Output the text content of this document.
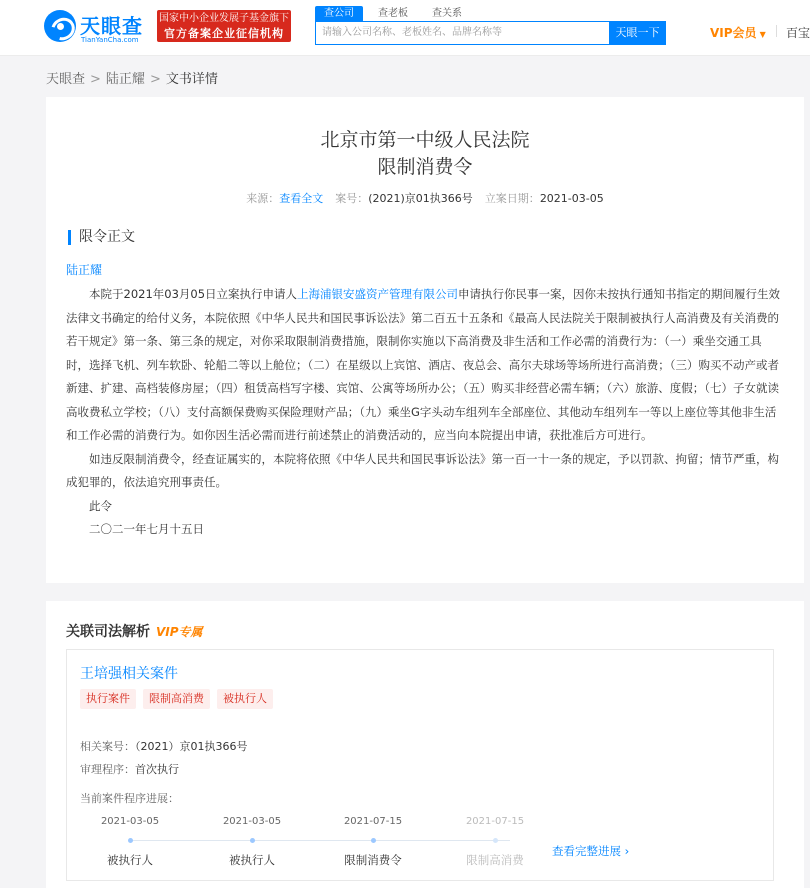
天眼查
TianYanCha.com
国家中小企业发展子基金旗下
官方备案企业征信机构
查公司	查老板	查关系
请输入公司名称、老板姓名、品牌名称等	天眼一下	VIP会员 ▼ 百宝
天眼查 > 陆正耀 > 文书详情
北京市第一中级人民法院
限制消费令
来源：查看全文 案号：(2021)京01执366号 立案日期：2021-03-05
限令正文
陆正耀

本院于2021年03月05日立案执行申请人上海浦银安盛资产管理有限公司申请执行你民事一案，因你未按执行通知书指定的期间履行生效法律文书确定的给付义务，本院依照《中华人民共和国民事诉讼法》第二百五十五条和《最高人民法院关于限制被执行人高消费及有关消费的若干规定》第一条、第三条的规定，对你采取限制消费措施，限制你实施以下高消费及非生活和工作必需的消费行为：（一）乘坐交通工具时，选择飞机、列车软卧、轮船二等以上舱位；（二）在星级以上宾馆、酒店、夜总会、高尔夫球场等场所进行高消费；（三）购买不动产或者新建、扩建、高档装修房屋；（四）租赁高档写字楼、宾馆、公寓等场所办公；（五）购买非经营必需车辆；（六）旅游、度假；（七）子女就读高收费私立学校；（八）支付高额保费购买保险理财产品；（九）乘坐G字头动车组列车全部座位、其他动车组列车一等以上座位等其他非生活和工作必需的消费行为。如你因生活必需而进行前述禁止的消费活动的，应当向本院提出申请，获批准后方可进行。

如违反限制消费令，经查证属实的，本院将依照《中华人民共和国民事诉讼法》第一百一十一条的规定，予以罚款、拘留；情节严重，构成犯罪的，依法追究刑事责任。

此令

二〇二一年七月十五日

关联司法解析 VIP专属
王培强相关案件
执行案件	限制高消费	被执行人
相关案号：（2021）京01执366号
审理程序：首次执行
当前案件程序进展：
2021-03-05
被执行人
2021-03-05
被执行人
2021-07-15
限制消费令
2021-07-15
限制高消费
查看完整进展 ›
